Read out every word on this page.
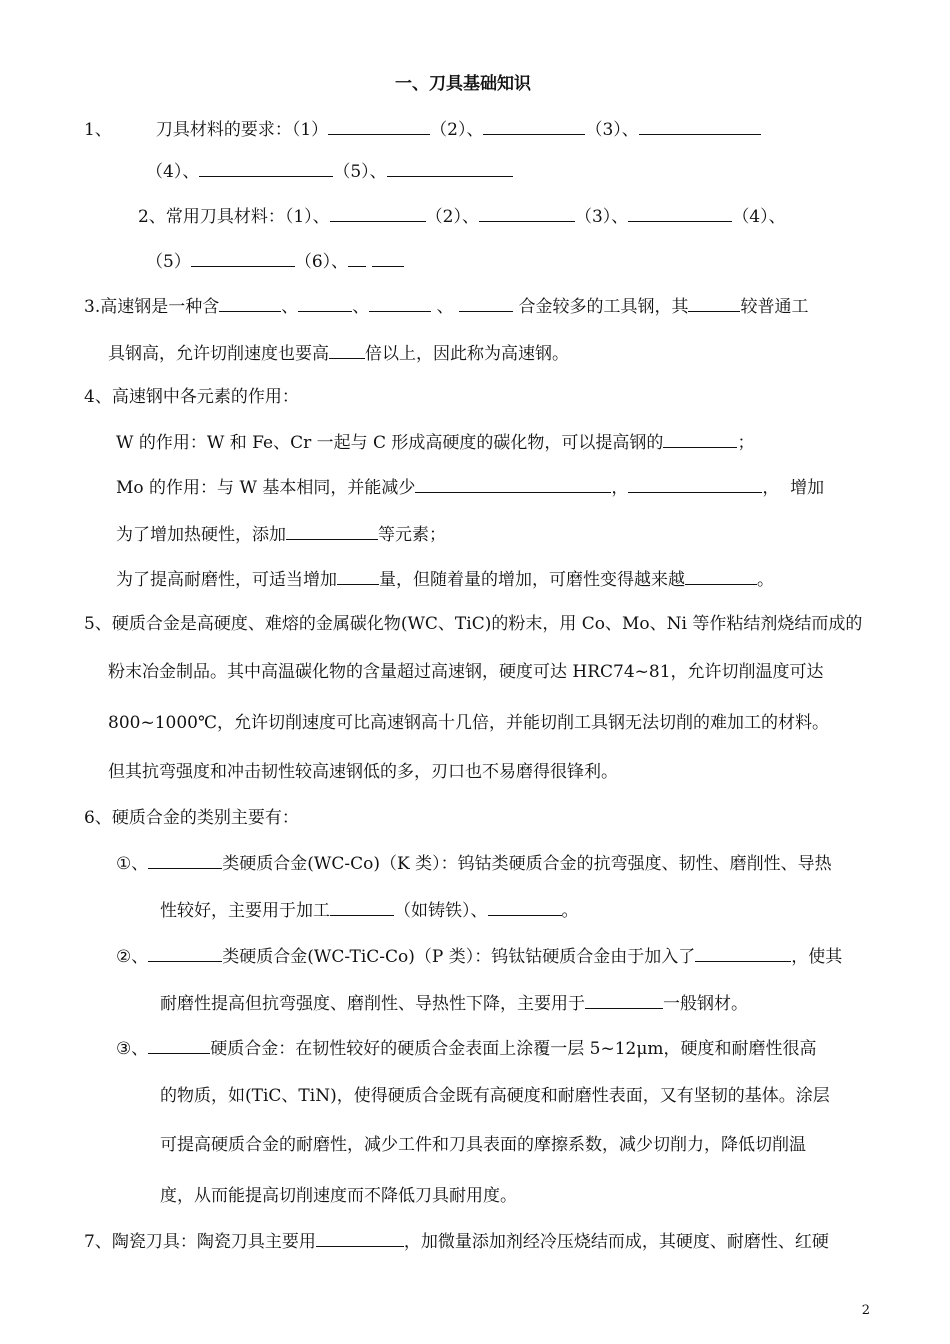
一、刀具基础知识
1、	刀具材料的要求：（1）	（2）、	（3）、
（4）、	（5）、
2、常用刀具材料：（1）、	（2）、	（3）、	（4）、
（5）	（6）、
3.高速钢是一种含	、	、	、	合金较多的工具钢，其	较普通工
具钢高，允许切削速度也要高 倍以上，因此称为高速钢。
4、高速钢中各元素的作用：
W 的作用：W 和 Fe、Cr 一起与 C 形成高硬度的碳化物，可以提高钢的	；
Mo 的作用：与 W 基本相同，并能减少	，	，  增加
为了增加热硬性，添加	等元素；
为了提高耐磨性，可适当增加 量，但随着量的增加，可磨性变得越来越	。
5、硬质合金是高硬度、难熔的金属碳化物(WC、TiC)的粉末，用 Co、Mo、Ni 等作粘结剂烧结而成的
粉末冶金制品。其中高温碳化物的含量超过高速钢，硬度可达 HRC74~81，允许切削温度可达
800~1000℃，允许切削速度可比高速钢高十几倍，并能切削工具钢无法切削的难加工的材料。
但其抗弯强度和冲击韧性较高速钢低的多，刃口也不易磨得很锋利。
6、硬质合金的类别主要有：
①、	类硬质合金(WC-Co)（K 类）：钨钴类硬质合金的抗弯强度、韧性、磨削性、导热
性较好，主要用于加工	（如铸铁）、	。
②、	类硬质合金(WC-TiC-Co)（P 类）：钨钛钴硬质合金由于加入了	，使其
耐磨性提高但抗弯强度、磨削性、导热性下降，主要用于	一般钢材。
③、	硬质合金：在韧性较好的硬质合金表面上涂覆一层 5~12μm，硬度和耐磨性很高
的物质，如(TiC、TiN)，使得硬质合金既有高硬度和耐磨性表面，又有坚韧的基体。涂层
可提高硬质合金的耐磨性，减少工件和刀具表面的摩擦系数，减少切削力，降低切削温
度，从而能提高切削速度而不降低刀具耐用度。
7、陶瓷刀具：陶瓷刀具主要用	，加微量添加剂经冷压烧结而成，其硬度、耐磨性、红硬
2
